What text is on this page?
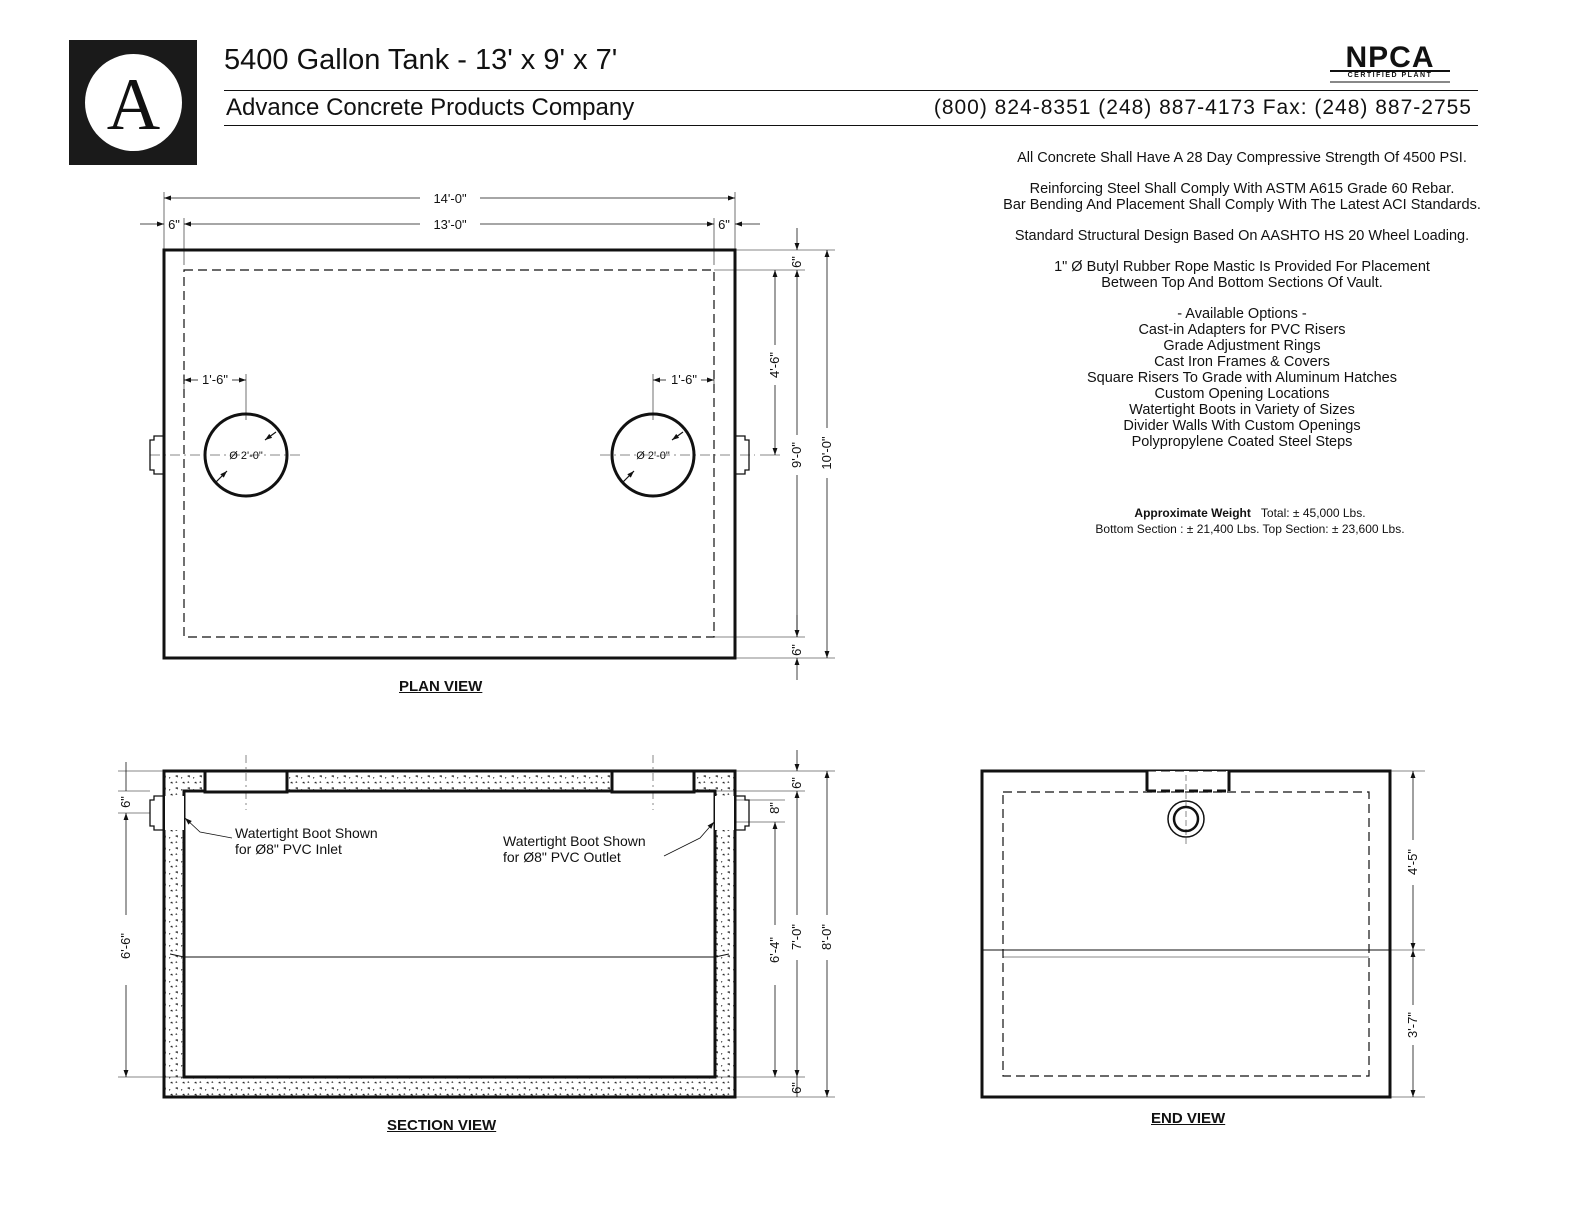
A
5400 Gallon Tank - 13' x 9' x 7'
Advance Concrete Products Company	(800) 824-8351 (248) 887-4173 Fax: (248) 887-2755
NPCA
CERTIFIED PLANT
All Concrete Shall Have A 28 Day Compressive Strength Of 4500 PSI.
Reinforcing Steel Shall Comply With ASTM A615 Grade 60 Rebar.
Bar Bending And Placement Shall Comply With The Latest ACI Standards.
Standard Structural Design Based On AASHTO HS 20 Wheel Loading.
1" Ø Butyl Rubber Rope Mastic Is Provided For Placement
Between Top And Bottom Sections Of Vault.
- Available Options -
Cast-in Adapters for PVC Risers
Grade Adjustment Rings
Cast Iron Frames & Covers
Square Risers To Grade with Aluminum Hatches
Custom Opening Locations
Watertight Boots in Variety of Sizes
Divider Walls With Custom Openings
Polypropylene Coated Steel Steps
Approximate Weight Total: ± 45,000 Lbs.
Bottom Section : ± 21,400 Lbs. Top Section: ± 23,600 Lbs.
14'-0"
13'-0"
6"	6"
1'-6"	1'-6"
Ø 2'-0"	Ø 2'-0"
6"
4'-6"
9'-0" 10'-0"
6"
Watertight Boot Shown
for Ø8" PVC Inlet	Watertight Boot Shown
for Ø8" PVC Outlet
6"
6'-6"
6"
8"
6'-4"
7'-0" 8'-0"
6"
4'-5"
3'-7"
PLAN VIEW
SECTION VIEW	END VIEW
